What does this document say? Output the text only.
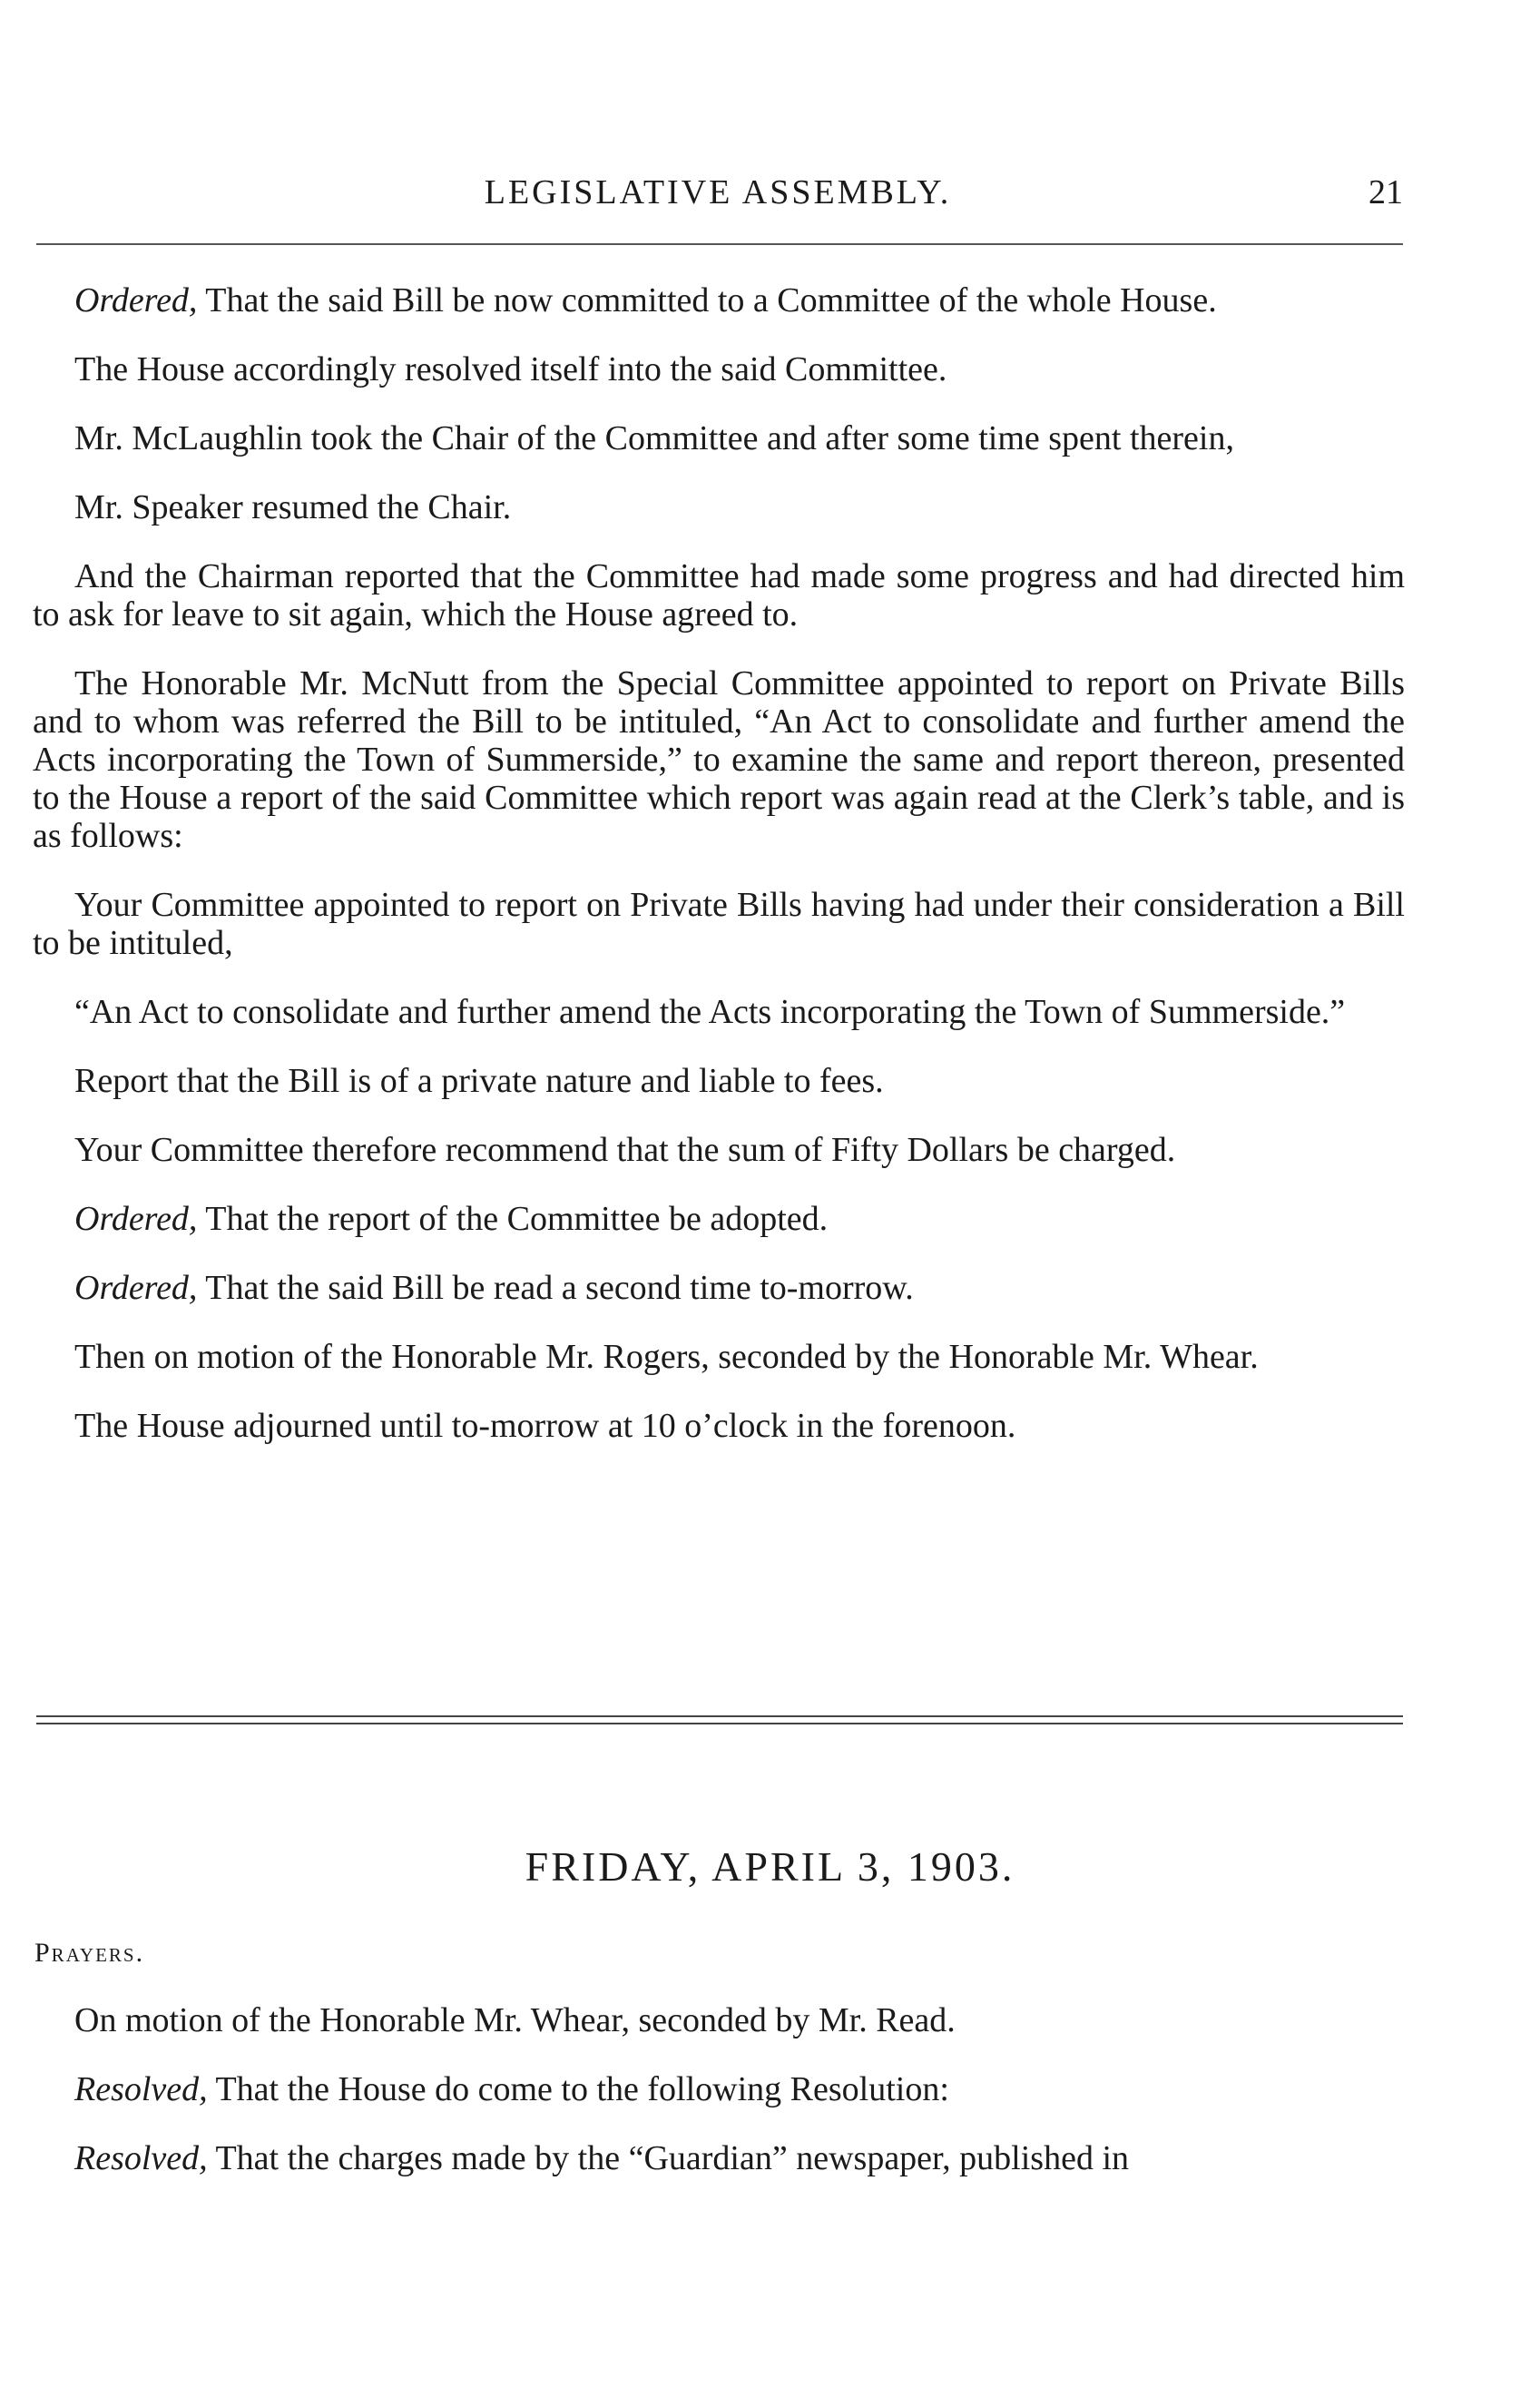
LEGISLATIVE ASSEMBLY.	21

Ordered, That the said Bill be now committed to a Committee of the whole House.

The House accordingly resolved itself into the said Committee.

Mr. McLaughlin took the Chair of the Committee and after some time spent therein,

Mr. Speaker resumed the Chair.

And the Chairman reported that the Committee had made some progress and had directed him to ask for leave to sit again, which the House agreed to.

The Honorable Mr. McNutt from the Special Committee appointed to report on Private Bills and to whom was referred the Bill to be intituled, “An Act to consolidate and further amend the Acts incorporating the Town of Summerside,” to examine the same and report thereon, presented to the House a report of the said Committee which report was again read at the Clerk’s table, and is as follows:

Your Committee appointed to report on Private Bills having had under their consideration a Bill to be intituled,

“An Act to consolidate and further amend the Acts incorporating the Town of Summerside.”

Report that the Bill is of a private nature and liable to fees.

Your Committee therefore recommend that the sum of Fifty Dollars be charged.

Ordered, That the report of the Committee be adopted.

Ordered, That the said Bill be read a second time to-morrow.

Then on motion of the Honorable Mr. Rogers, seconded by the Honorable Mr. Whear.

The House adjourned until to-morrow at 10 o’clock in the forenoon.

FRIDAY, APRIL 3, 1903.
Prayers.

On motion of the Honorable Mr. Whear, seconded by Mr. Read.

Resolved, That the House do come to the following Resolution:

Resolved, That the charges made by the “Guardian” newspaper, published in
